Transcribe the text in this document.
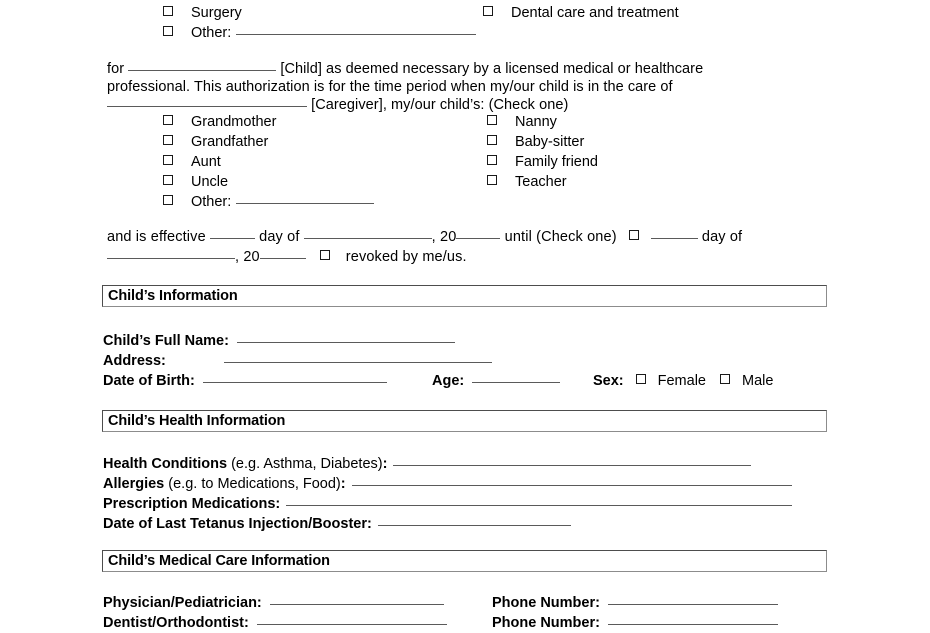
Surgery
Other:
Dental care and treatment
for	[Child] as deemed necessary by a licensed medical or healthcare
professional. This authorization is for the time period when my/our child is in the care of
[Caregiver], my/our child’s: (Check one)
Grandmother
Grandfather
Aunt
Uncle
Other:
Nanny
Baby-sitter
Family friend
Teacher
and is effective	day of	, 20	until (Check one)	day of
, 20	revoked by me/us.
Child’s Information
Child’s Full Name:
Address:
Date of Birth:	Age:	Sex: Female Male
Child’s Health Information
Health Conditions (e.g. Asthma, Diabetes):
Allergies (e.g. to Medications, Food):
Prescription Medications:
Date of Last Tetanus Injection/Booster:
Child’s Medical Care Information
Physician/Pediatrician:	Phone Number:
Dentist/Orthodontist:	Phone Number:
